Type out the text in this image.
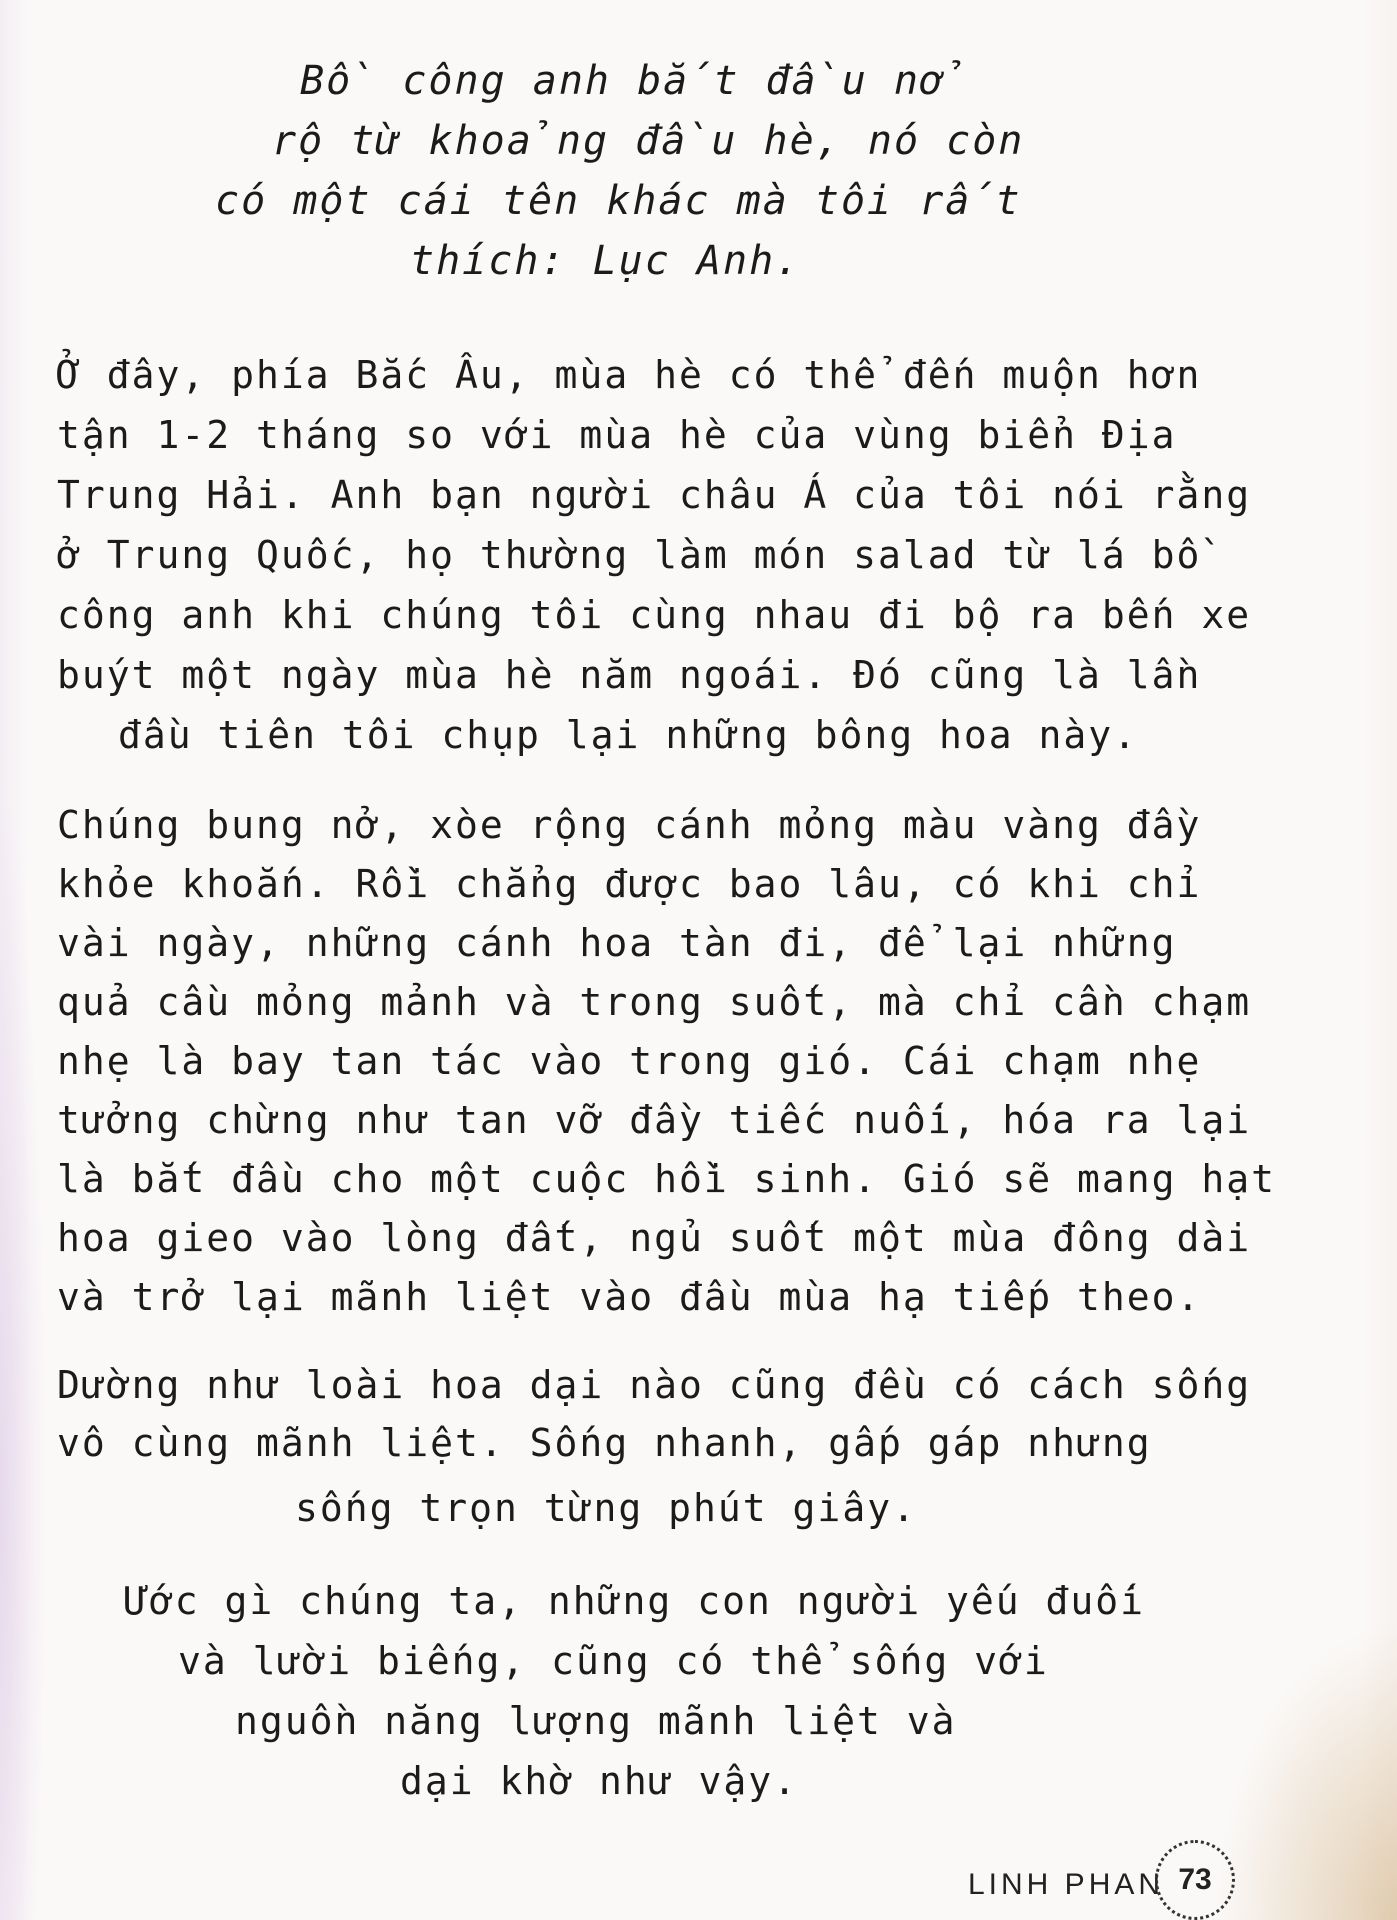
Bồ công anh bắt đầu nở
rộ từ khoảng đầu hè, nó còn
có một cái tên khác mà tôi rất
thích: Lục Anh.
Ở đây, phía Bắc Âu, mùa hè có thể đến muộn hơn
tận 1-2 tháng so với mùa hè của vùng biển Địa
Trung Hải. Anh bạn người châu Á của tôi nói rằng
ở Trung Quốc, họ thường làm món salad từ lá bồ
công anh khi chúng tôi cùng nhau đi bộ ra bến xe
buýt một ngày mùa hè năm ngoái. Đó cũng là lần
đầu tiên tôi chụp lại những bông hoa này.
Chúng bung nở, xòe rộng cánh mỏng màu vàng đầy
khỏe khoắn. Rồi chẳng được bao lâu, có khi chỉ
vài ngày, những cánh hoa tàn đi, để lại những
quả cầu mỏng mảnh và trong suốt, mà chỉ cần chạm
nhẹ là bay tan tác vào trong gió. Cái chạm nhẹ
tưởng chừng như tan vỡ đầy tiếc nuối, hóa ra lại
là bắt đầu cho một cuộc hồi sinh. Gió sẽ mang hạt
hoa gieo vào lòng đất, ngủ suốt một mùa đông dài
và trở lại mãnh liệt vào đầu mùa hạ tiếp theo.
Dường như loài hoa dại nào cũng đều có cách sống
vô cùng mãnh liệt. Sống nhanh, gấp gáp nhưng
sống trọn từng phút giây.
Ước gì chúng ta, những con người yếu đuối
và lười biếng, cũng có thể sống với
nguồn năng lượng mãnh liệt và
dại khờ như vậy.
LINH PHAN 73
